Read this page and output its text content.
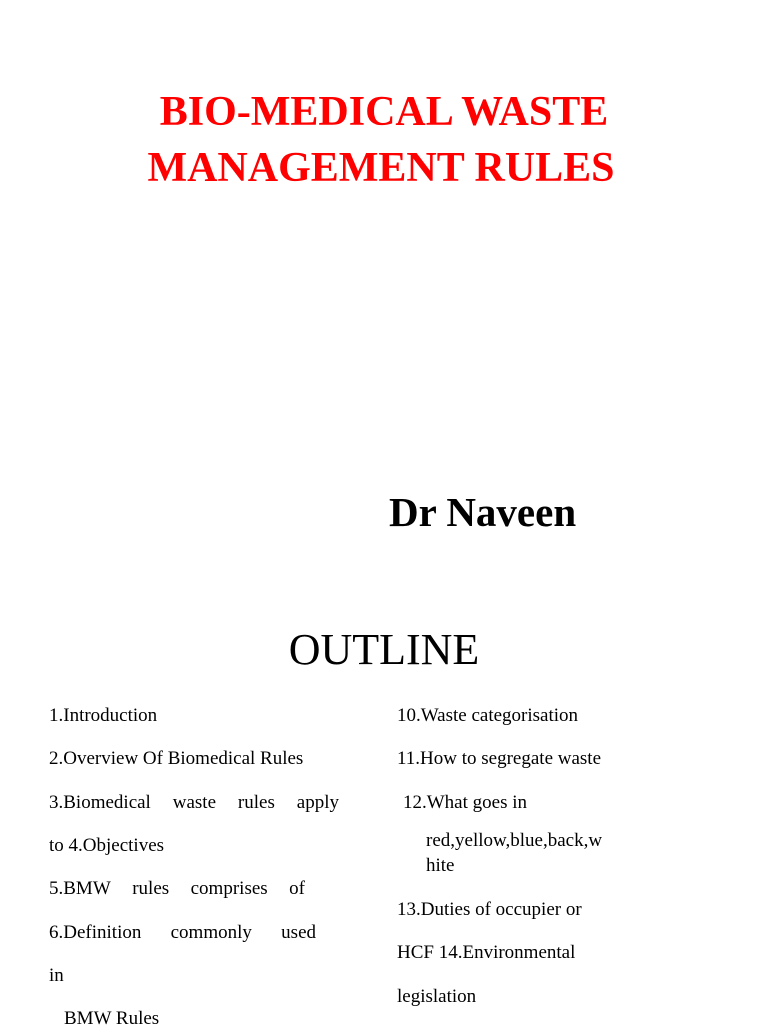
BIO-MEDICAL WASTE
MANAGEMENT RULES
Dr Naveen
OUTLINE
1.Introduction
2.Overview Of Biomedical Rules
3.Biomedical waste rules apply
to 4.Objectives
5.BMW rules comprises of
6.Definition commonly used
in
BMW Rules
10.Waste categorisation
11.How to segregate waste
12.What goes in
red,yellow,blue,back,w
hite
13.Duties of occupier or
HCF 14.Environmental
legislation
